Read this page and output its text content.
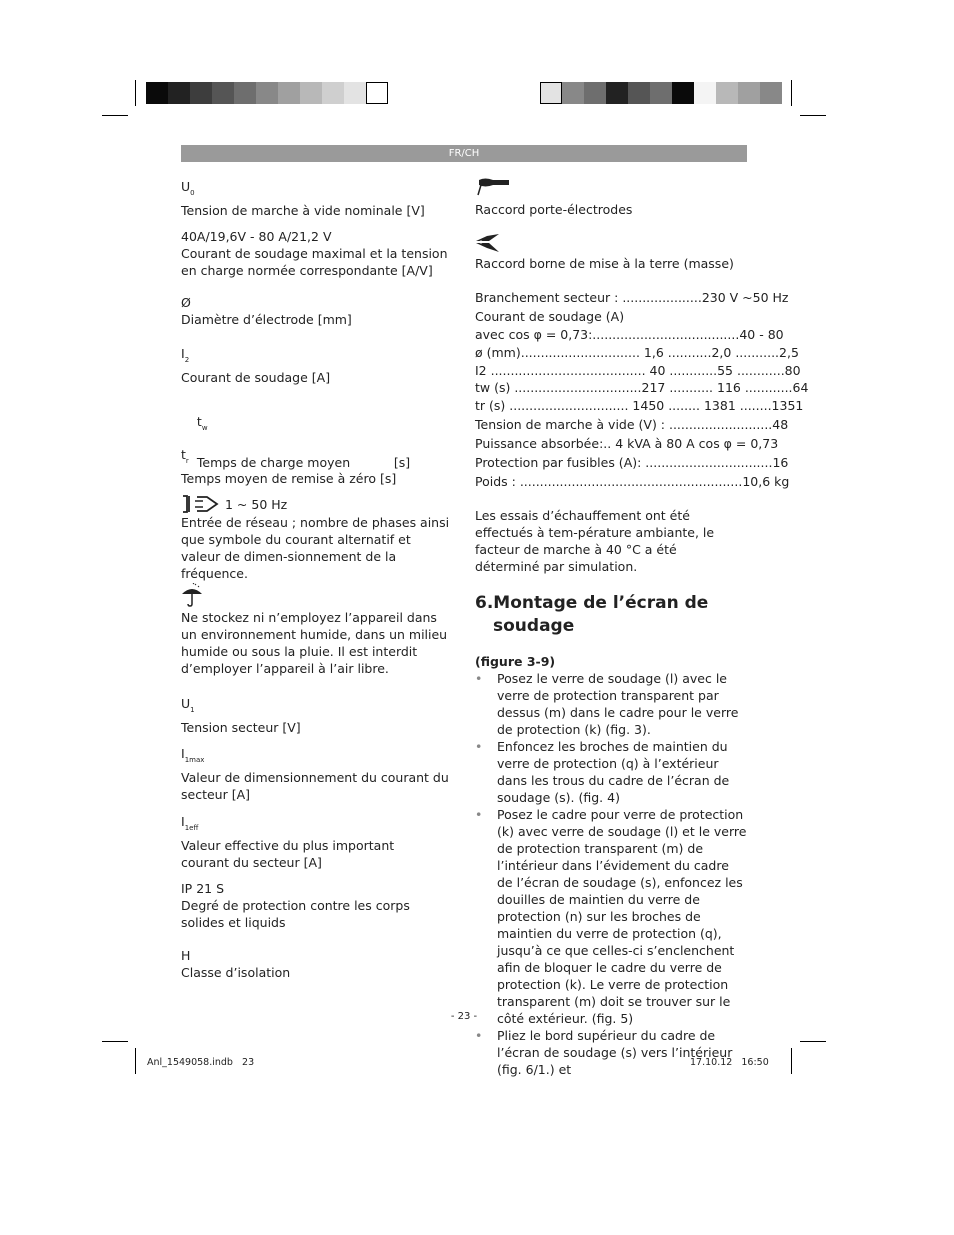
FR/CH
$U_0$
Tension de marche à vide nominale [V]
40A/19,6V - 80 A/21,2 V
Courant de soudage maximal et la tension en charge normée correspondante [A/V]
Ø
Diamètre d’électrode [mm]
$I_2$
Courant de soudage [A]

$t_w$

Temps de charge moyen           [s]

$t_r$
Temps moyen de remise à zéro [s]
1 ~ 50 Hz
Entrée de réseau ; nombre de phases ainsi que symbole du courant alternatif et valeur de dimen-sionnement de la fréquence.
Ne stockez ni n’employez l’appareil dans un environnement humide, dans un milieu humide ou sous la pluie. Il est interdit d’employer l’appareil à l’air libre.
$U_1$
Tension secteur [V]
$I_{1max}$
Valeur de dimensionnement du courant du secteur [A]
$I_{1eff}$
Valeur effective du plus important courant du secteur [A]
IP 21 S
Degré de protection contre les corps solides et liquids
H
Classe d’isolation
Raccord porte-électrodes
Raccord borne de mise à la terre (masse)
Branchement secteur : .................... 230 V ~50 Hz
Courant de soudage (A)
avec cos φ = 0,73:..................................... 40 - 80
ø (mm).............................. 1,6 ...........2,0 ........... 2,5
I2 ....................................... 40 ............55 ............ 80
tw (s) ................................217 ........... 116 ............ 64
tr (s) .............................. 1450 ........ 1381 ........ 1351
Tension de marche à vide (V) : .......................... 48
Puissance absorbée:.. 4 kVA à 80 A cos φ = 0,73
Protection par fusibles (A): ................................ 16
Poids : ........................................................ 10,6 kg
Les essais d’échauffement ont été effectués à tem-pérature ambiante, le facteur de marche à 40 °C a été déterminé par simulation.
6.Montage de l’écran de
soudage
(figure 3-9)
• Posez le verre de soudage (l) avec le verre de protection transparent par dessus (m) dans le cadre pour le verre de protection (k) (fig. 3).
• Enfoncez les broches de maintien du verre de protection (q) à l’extérieur dans les trous du cadre de l’écran de soudage (s). (fig. 4)
• Posez le cadre pour verre de protection (k) avec verre de soudage (l) et le verre de protection transparent (m) de l’intérieur dans l’évidement du cadre de l’écran de soudage (s), enfoncez les douilles de maintien du verre de protection (n) sur les broches de maintien du verre de protection (q), jusqu’à ce que celles-ci s’enclenchent afin de bloquer le cadre du verre de protection (k). Le verre de protection transparent (m) doit se trouver sur le côté extérieur. (fig. 5)
• Pliez le bord supérieur du cadre de l’écran de soudage (s) vers l’intérieur (fig. 6/1.) et
- 23 -
Anl_1549058.indb   23	17.10.12   16:50
